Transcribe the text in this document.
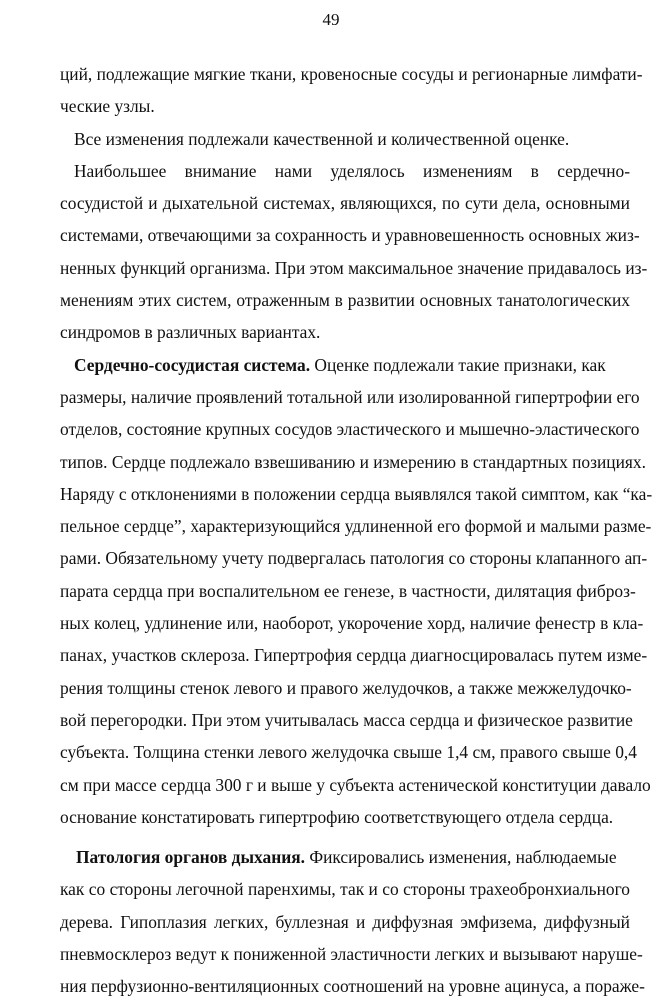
49
ций, подлежащие мягкие ткани, кровеносные сосуды и регионарные лимфати-
ческие узлы.
Все изменения подлежали качественной и количественной оценке.
Наибольшее внимание нами уделялось изменениям в сердечно-
сосудистой и дыхательной системах, являющихся, по сути дела, основными
системами, отвечающими за сохранность и уравновешенность основных жиз-
ненных функций организма. При этом максимальное значение придавалось из-
менениям этих систем, отраженным в развитии основных танатологических
синдромов в различных вариантах.
Сердечно-сосудистая система. Оценке подлежали такие признаки, как
размеры, наличие проявлений тотальной или изолированной гипертрофии его
отделов, состояние крупных сосудов эластического и мышечно-эластического
типов. Сердце подлежало взвешиванию и измерению в стандартных позициях.
Наряду с отклонениями в положении сердца выявлялся такой симптом, как “ка-
пельное сердце”, характеризующийся удлиненной его формой и малыми разме-
рами. Обязательному учету подвергалась патология со стороны клапанного ап-
парата сердца при воспалительном ее генезе, в частности, дилятация фиброз-
ных колец, удлинение или, наоборот, укорочение хорд, наличие фенестр в кла-
панах, участков склероза. Гипертрофия сердца диагносцировалась путем изме-
рения толщины стенок левого и правого желудочков, а также межжелудочко-
вой перегородки. При этом учитывалась масса сердца и физическое развитие
субъекта. Толщина стенки левого желудочка свыше 1,4 см, правого свыше 0,4
см при массе сердца 300 г и выше у субъекта астенической конституции давало
основание констатировать гипертрофию соответствующего отдела сердца.
Патология органов дыхания. Фиксировались изменения, наблюдаемые
как со стороны легочной паренхимы, так и со стороны трахеобронхиального
дерева. Гипоплазия легких, буллезная и диффузная эмфизема, диффузный
пневмосклероз ведут к пониженной эластичности легких и вызывают наруше-
ния перфузионно-вентиляционных соотношений на уровне ацинуса, а пораже-
